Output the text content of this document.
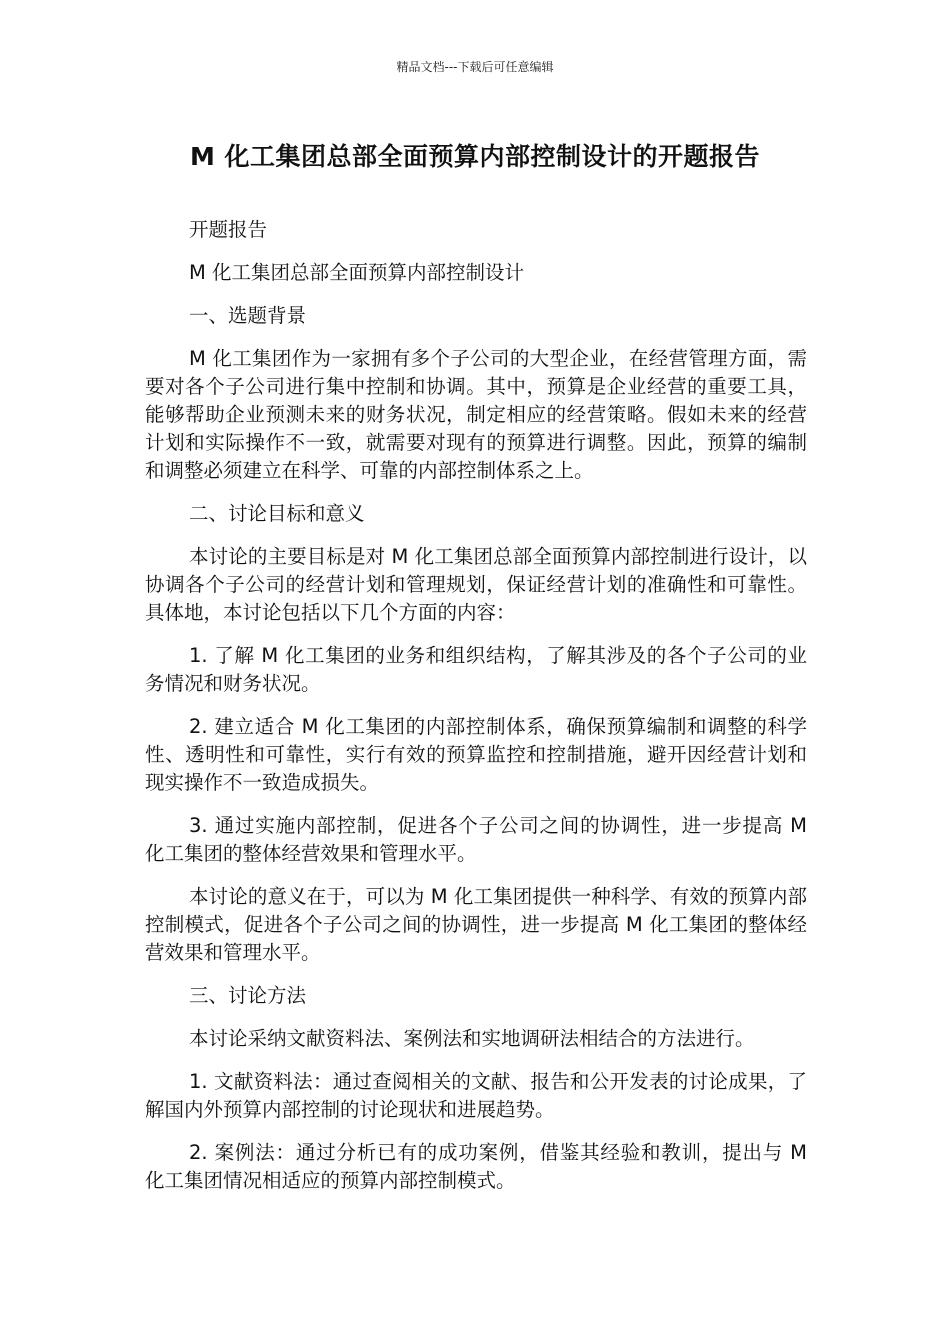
精品文档---下载后可任意编辑
M 化工集团总部全面预算内部控制设计的开题报告

开题报告

M 化工集团总部全面预算内部控制设计

一、选题背景

M 化工集团作为一家拥有多个子公司的大型企业，在经营管理方面，需要对各个子公司进行集中控制和协调。其中，预算是企业经营的重要工具，能够帮助企业预测未来的财务状况，制定相应的经营策略。假如未来的经营计划和实际操作不一致，就需要对现有的预算进行调整。因此，预算的编制和调整必须建立在科学、可靠的内部控制体系之上。

二、讨论目标和意义

本讨论的主要目标是对 M 化工集团总部全面预算内部控制进行设计，以协调各个子公司的经营计划和管理规划，保证经营计划的准确性和可靠性。具体地，本讨论包括以下几个方面的内容：

1. 了解 M 化工集团的业务和组织结构，了解其涉及的各个子公司的业务情况和财务状况。

2. 建立适合 M 化工集团的内部控制体系，确保预算编制和调整的科学性、透明性和可靠性，实行有效的预算监控和控制措施，避开因经营计划和现实操作不一致造成损失。

3. 通过实施内部控制，促进各个子公司之间的协调性，进一步提高 M 化工集团的整体经营效果和管理水平。

本讨论的意义在于，可以为 M 化工集团提供一种科学、有效的预算内部控制模式，促进各个子公司之间的协调性，进一步提高 M 化工集团的整体经营效果和管理水平。

三、讨论方法

本讨论采纳文献资料法、案例法和实地调研法相结合的方法进行。

1. 文献资料法：通过查阅相关的文献、报告和公开发表的讨论成果，了解国内外预算内部控制的讨论现状和进展趋势。

2. 案例法：通过分析已有的成功案例，借鉴其经验和教训，提出与 M 化工集团情况相适应的预算内部控制模式。
